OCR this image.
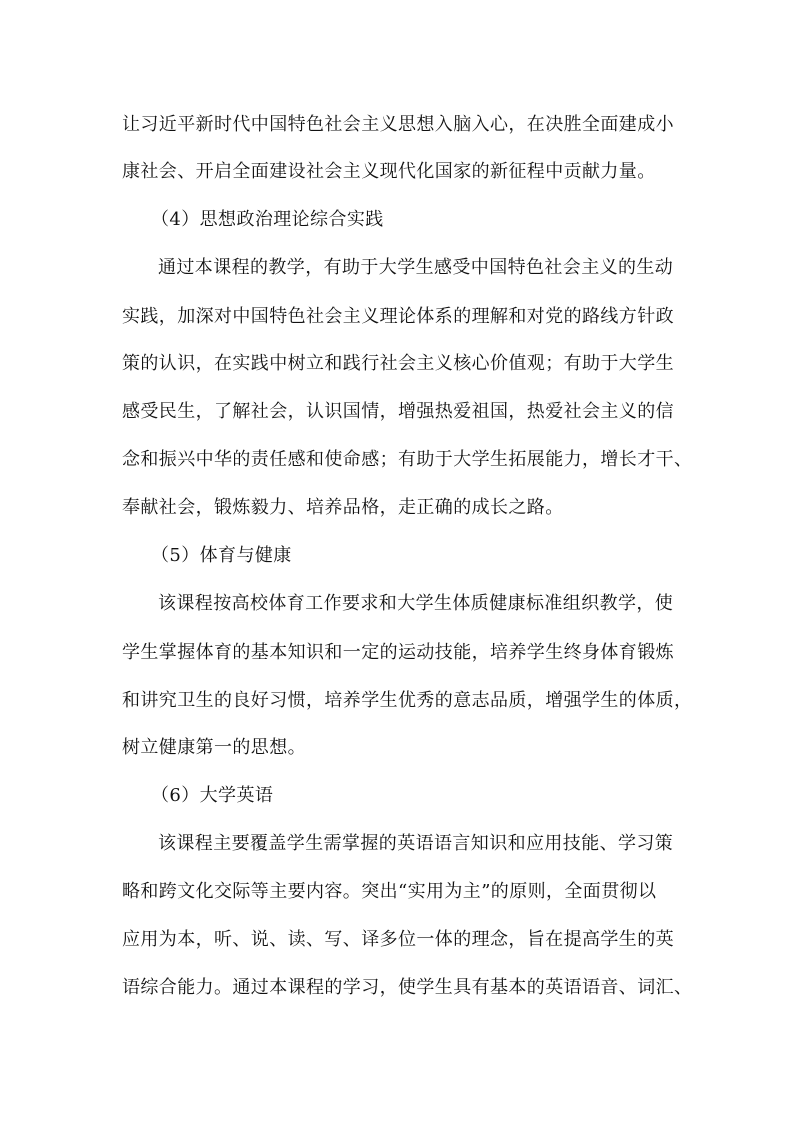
让习近平新时代中国特色社会主义思想入脑入心，在决胜全面建成小
康社会、开启全面建设社会主义现代化国家的新征程中贡献力量。
（4）思想政治理论综合实践
通过本课程的教学，有助于大学生感受中国特色社会主义的生动
实践，加深对中国特色社会主义理论体系的理解和对党的路线方针政
策的认识，在实践中树立和践行社会主义核心价值观；有助于大学生
感受民生，了解社会，认识国情，增强热爱祖国，热爱社会主义的信
念和振兴中华的责任感和使命感；有助于大学生拓展能力，增长才干、
奉献社会，锻炼毅力、培养品格，走正确的成长之路。
（5）体育与健康
该课程按高校体育工作要求和大学生体质健康标准组织教学，使
学生掌握体育的基本知识和一定的运动技能，培养学生终身体育锻炼
和讲究卫生的良好习惯，培养学生优秀的意志品质，增强学生的体质，
树立健康第一的思想。
（6）大学英语
该课程主要覆盖学生需掌握的英语语言知识和应用技能、学习策
略和跨文化交际等主要内容。突出“实用为主”的原则，全面贯彻以
应用为本，听、说、读、写、译多位一体的理念，旨在提高学生的英
语综合能力。通过本课程的学习，使学生具有基本的英语语音、词汇、
